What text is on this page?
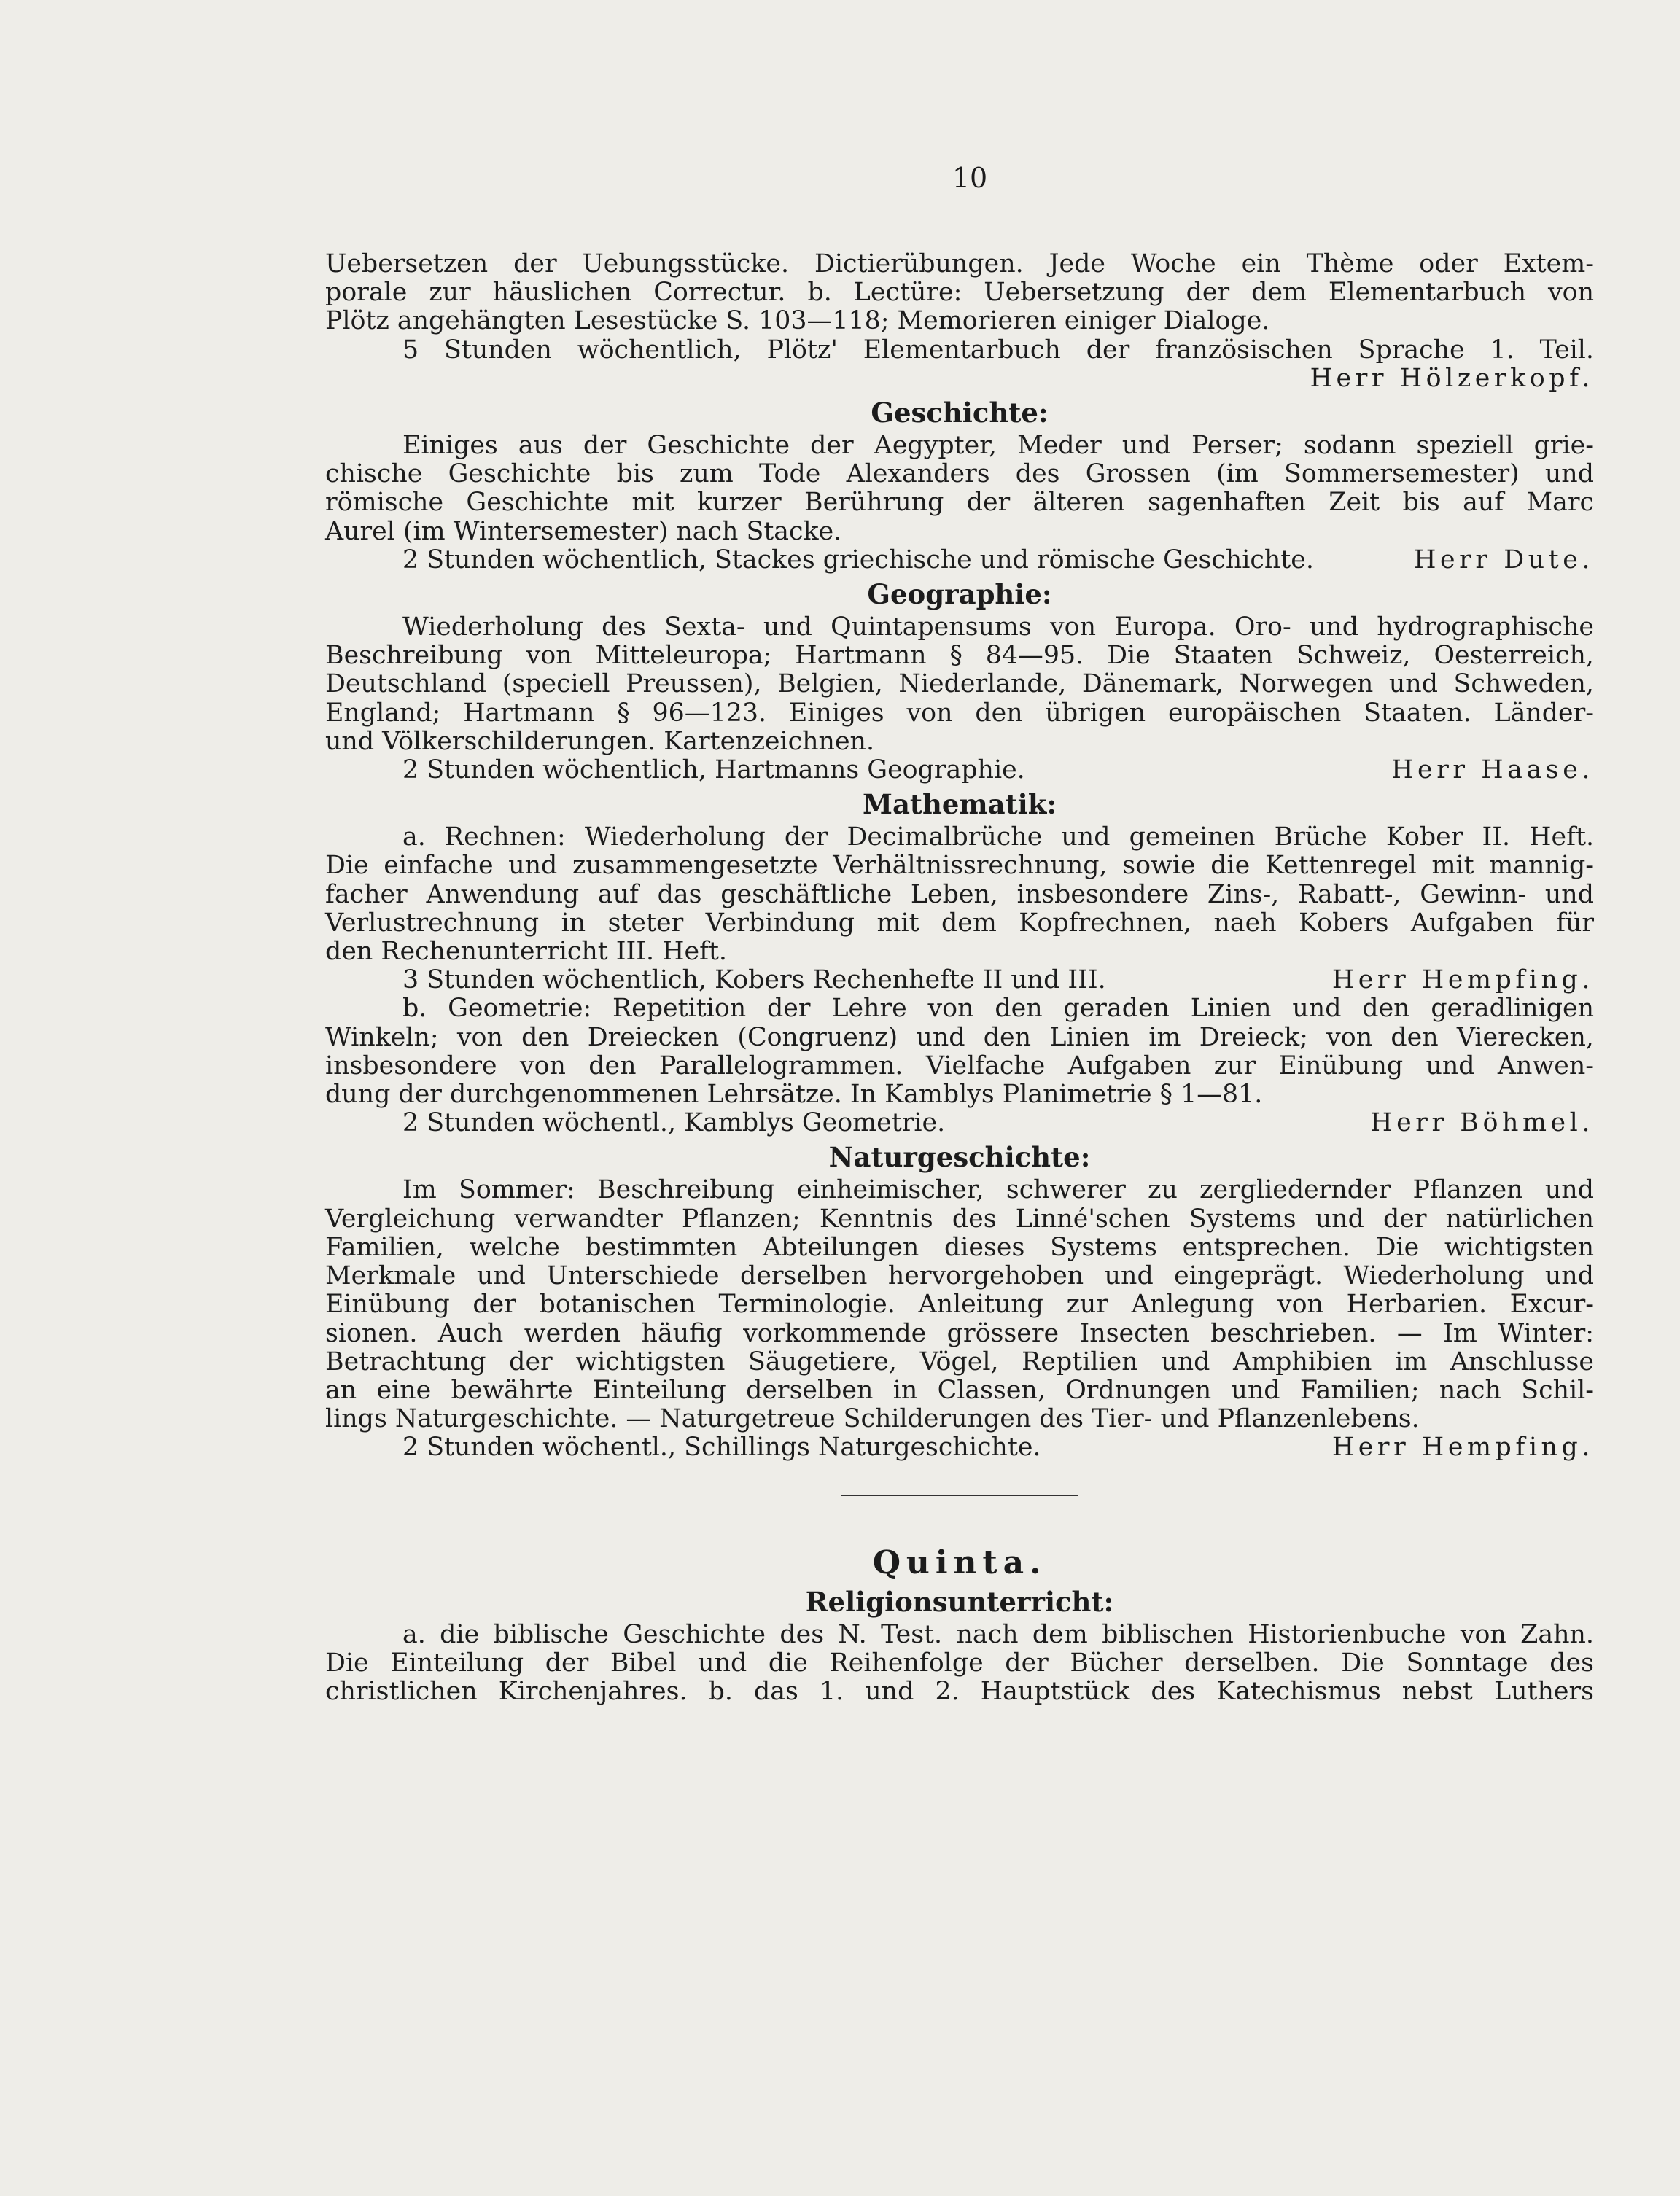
10
Uebersetzen der Uebungsstücke. Dictierübungen. Jede Woche ein Thème oder Extem-
porale zur häuslichen Correctur. b. Lectüre: Uebersetzung der dem Elementarbuch von
Plötz angehängten Lesestücke S. 103—118; Memorieren einiger Dialoge.
5 Stunden wöchentlich, Plötz' Elementarbuch der französischen Sprache 1. Teil.
Herr Hölzerkopf.
Geschichte:
Einiges aus der Geschichte der Aegypter, Meder und Perser; sodann speziell grie-
chische Geschichte bis zum Tode Alexanders des Grossen (im Sommersemester) und
römische Geschichte mit kurzer Berührung der älteren sagenhaften Zeit bis auf Marc
Aurel (im Wintersemester) nach Stacke.
2 Stunden wöchentlich, Stackes griechische und römische Geschichte.	Herr Dute.
Geographie:
Wiederholung des Sexta- und Quintapensums von Europa. Oro- und hydrographische
Beschreibung von Mitteleuropa; Hartmann § 84—95. Die Staaten Schweiz, Oesterreich,
Deutschland (speciell Preussen), Belgien, Niederlande, Dänemark, Norwegen und Schweden,
England; Hartmann § 96—123. Einiges von den übrigen europäischen Staaten. Länder-
und Völkerschilderungen. Kartenzeichnen.
2 Stunden wöchentlich, Hartmanns Geographie.	Herr Haase.
Mathematik:
a. Rechnen: Wiederholung der Decimalbrüche und gemeinen Brüche Kober II. Heft.
Die einfache und zusammengesetzte Verhältnissrechnung, sowie die Kettenregel mit mannig-
facher Anwendung auf das geschäftliche Leben, insbesondere Zins-, Rabatt-, Gewinn- und
Verlustrechnung in steter Verbindung mit dem Kopfrechnen, naeh Kobers Aufgaben für
den Rechenunterricht III. Heft.
3 Stunden wöchentlich, Kobers Rechenhefte II und III.	Herr Hempfing.
b. Geometrie: Repetition der Lehre von den geraden Linien und den geradlinigen
Winkeln; von den Dreiecken (Congruenz) und den Linien im Dreieck; von den Vierecken,
insbesondere von den Parallelogrammen. Vielfache Aufgaben zur Einübung und Anwen-
dung der durchgenommenen Lehrsätze. In Kamblys Planimetrie § 1—81.
2 Stunden wöchentl., Kamblys Geometrie.	Herr Böhmel.
Naturgeschichte:
Im Sommer: Beschreibung einheimischer, schwerer zu zergliedernder Pflanzen und
Vergleichung verwandter Pflanzen; Kenntnis des Linné'schen Systems und der natürlichen
Familien, welche bestimmten Abteilungen dieses Systems entsprechen. Die wichtigsten
Merkmale und Unterschiede derselben hervorgehoben und eingeprägt. Wiederholung und
Einübung der botanischen Terminologie. Anleitung zur Anlegung von Herbarien. Excur-
sionen. Auch werden häufig vorkommende grössere Insecten beschrieben. — Im Winter:
Betrachtung der wichtigsten Säugetiere, Vögel, Reptilien und Amphibien im Anschlusse
an eine bewährte Einteilung derselben in Classen, Ordnungen und Familien; nach Schil-
lings Naturgeschichte. — Naturgetreue Schilderungen des Tier- und Pflanzenlebens.
2 Stunden wöchentl., Schillings Naturgeschichte.	Herr Hempfing.
Quinta.
Religionsunterricht:
a. die biblische Geschichte des N. Test. nach dem biblischen Historienbuche von Zahn.
Die Einteilung der Bibel und die Reihenfolge der Bücher derselben. Die Sonntage des
christlichen Kirchenjahres. b. das 1. und 2. Hauptstück des Katechismus nebst Luthers
